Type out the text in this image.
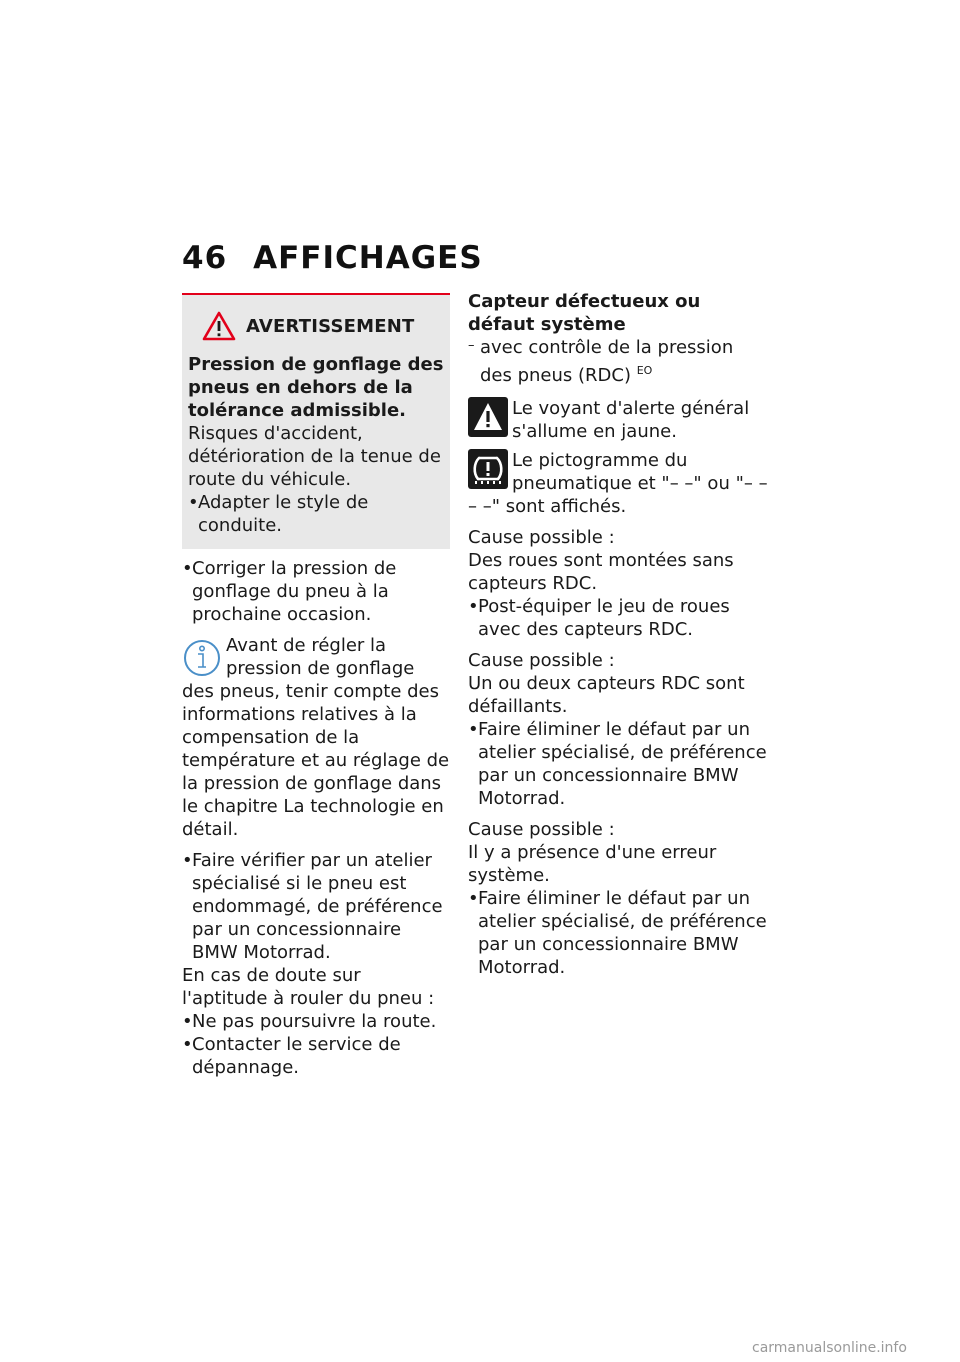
46 AFFICHAGES
AVERTISSEMENT

Pression de gonflage des pneus en dehors de la tolérance admissible.

Risques d'accident, détérioration de la tenue de route du véhicule.

• Adapter le style de conduite.

• Corriger la pression de gonflage du pneu à la prochaine occasion.

Avant de régler la pression de gonflage des pneus, tenir compte des informations relatives à la compensation de la température et au réglage de la pression de gonflage dans le chapitre La technologie en détail.

• Faire vérifier par un atelier spécialisé si le pneu est endommagé, de préférence par un concessionnaire BMW Motorrad.

En cas de doute sur l'aptitude à rouler du pneu :

• Ne pas poursuivre la route.

• Contacter le service de dépannage.

Capteur défectueux ou défaut système

– avec contrôle de la pression des pneus (RDC) $^{EO}$

Le voyant d'alerte général s'allume en jaune.

Le pictogramme du pneumatique et "– –" ou "– – – –" sont affichés.

Cause possible :

Des roues sont montées sans capteurs RDC.

• Post-équiper le jeu de roues avec des capteurs RDC.

Cause possible :

Un ou deux capteurs RDC sont défaillants.

• Faire éliminer le défaut par un atelier spécialisé, de préférence par un concessionnaire BMW Motorrad.

Cause possible :

Il y a présence d'une erreur système.

• Faire éliminer le défaut par un atelier spécialisé, de préférence par un concessionnaire BMW Motorrad.

carmanualsonline.info
